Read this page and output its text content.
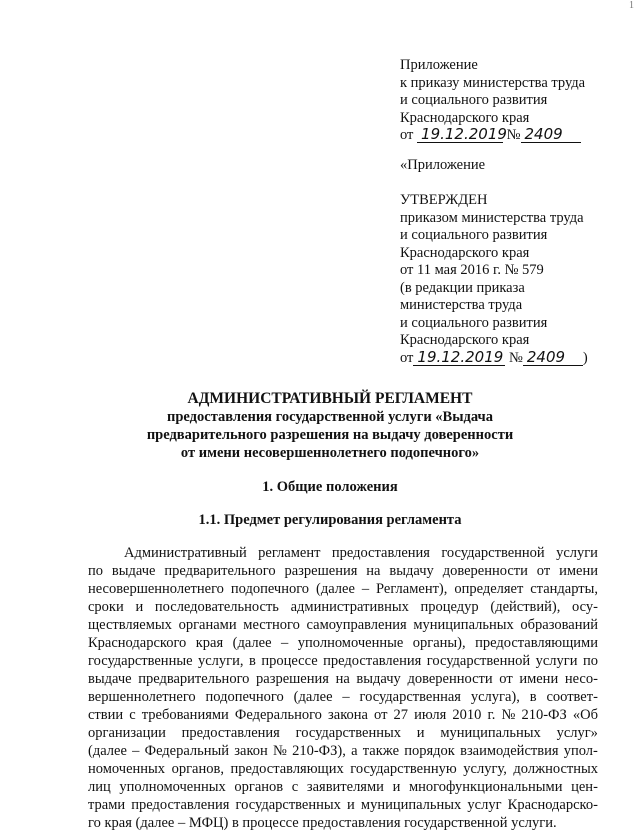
1
Приложение
к приказу министерства труда
и социального развития
Краснодарского края
от 19.12.2019 № 2409
«Приложение
УТВЕРЖДЕН
приказом министерства труда
и социального развития
Краснодарского края
от 11 мая 2016 г. № 579
(в редакции приказа
министерства труда
и социального развития
Краснодарского края
от 19.12.2019 № 2409 )
АДМИНИСТРАТИВНЫЙ РЕГЛАМЕНТ
предоставления государственной услуги «Выдача
предварительного разрешения на выдачу доверенности
от имени несовершеннолетнего подопечного»
1. Общие положения
1.1. Предмет регулирования регламента
Административный регламент предоставления государственной услуги
по выдаче предварительного разрешения на выдачу доверенности от имени
несовершеннолетнего подопечного (далее – Регламент), определяет стандарты,
сроки и последовательность административных процедур (действий), осу-
ществляемых органами местного самоуправления муниципальных образований
Краснодарского края (далее – уполномоченные органы), предоставляющими
государственные услуги, в процессе предоставления государственной услуги по
выдаче предварительного разрешения на выдачу доверенности от имени несо-
вершеннолетнего подопечного (далее – государственная услуга), в соответ-
ствии с требованиями Федерального закона от 27 июля 2010 г. № 210-ФЗ «Об
организации предоставления государственных и муниципальных услуг»
(далее – Федеральный закон № 210-ФЗ), а также порядок взаимодействия упол-
номоченных органов, предоставляющих государственную услугу, должностных
лиц уполномоченных органов с заявителями и многофункциональными цен-
трами предоставления государственных и муниципальных услуг Краснодарско-
го края (далее – МФЦ) в процессе предоставления государственной услуги.
